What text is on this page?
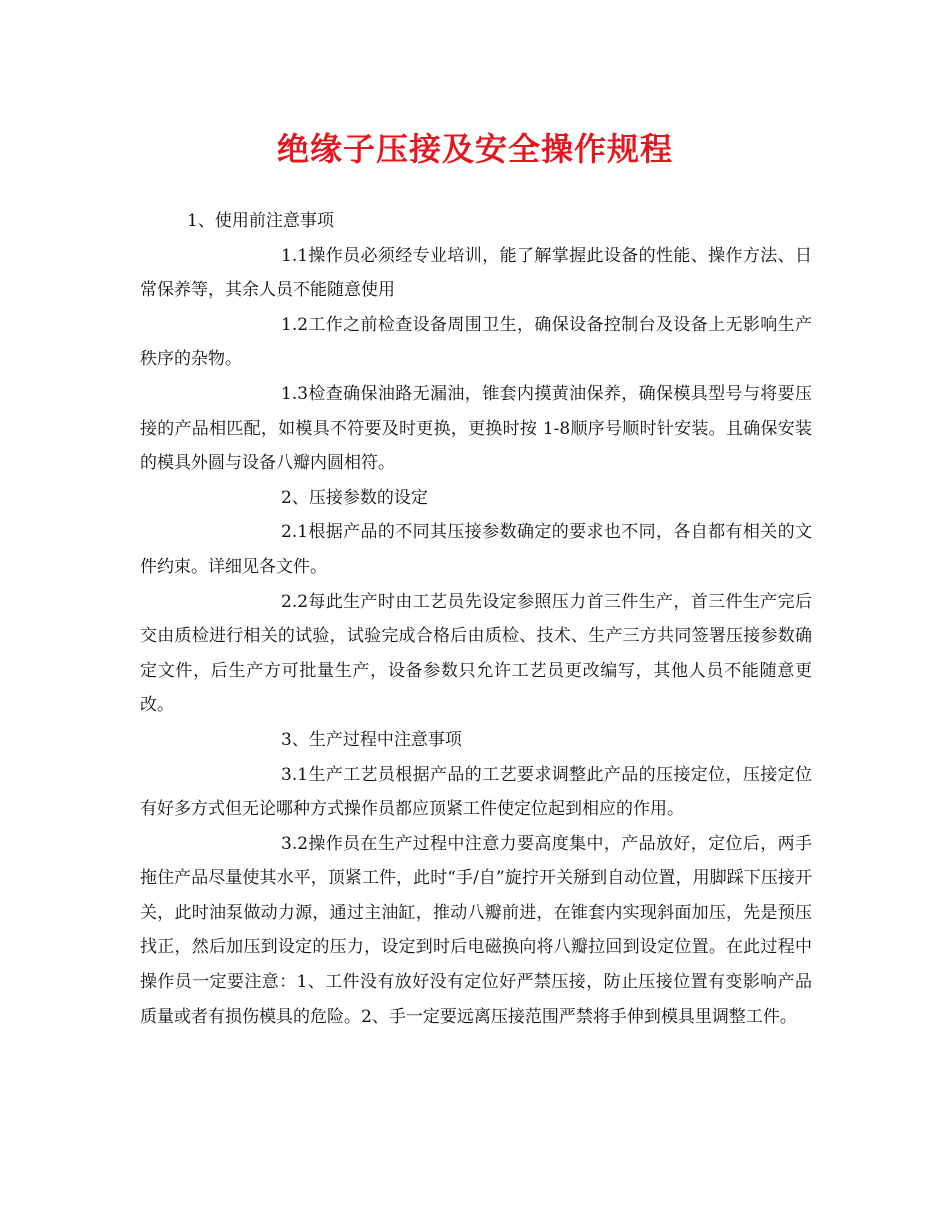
绝缘子压接及安全操作规程

1、使用前注意事项

1.1操作员必须经专业培训，能了解掌握此设备的性能、操作方法、日常保养等，其余人员不能随意使用

1.2工作之前检查设备周围卫生，确保设备控制台及设备上无影响生产秩序的杂物。

1.3检查确保油路无漏油，锥套内摸黄油保养，确保模具型号与将要压接的产品相匹配，如模具不符要及时更换，更换时按 1-8顺序号顺时针安装。且确保安装的模具外圆与设备八瓣内圆相符。

2、压接参数的设定

2.1根据产品的不同其压接参数确定的要求也不同，各自都有相关的文件约束。详细见各文件。

2.2每此生产时由工艺员先设定参照压力首三件生产，首三件生产完后交由质检进行相关的试验，试验完成合格后由质检、技术、生产三方共同签署压接参数确定文件，后生产方可批量生产，设备参数只允许工艺员更改编写，其他人员不能随意更改。

3、生产过程中注意事项

3.1生产工艺员根据产品的工艺要求调整此产品的压接定位，压接定位有好多方式但无论哪种方式操作员都应顶紧工件使定位起到相应的作用。

3.2操作员在生产过程中注意力要高度集中，产品放好，定位后，两手拖住产品尽量使其水平，顶紧工件，此时“手/自”旋拧开关掰到自动位置，用脚踩下压接开关，此时油泵做动力源，通过主油缸，推动八瓣前进，在锥套内实现斜面加压，先是预压找正，然后加压到设定的压力，设定到时后电磁换向将八瓣拉回到设定位置。在此过程中操作员一定要注意：1、工件没有放好没有定位好严禁压接，防止压接位置有变影响产品质量或者有损伤模具的危险。2、手一定要远离压接范围严禁将手伸到模具里调整工件。
